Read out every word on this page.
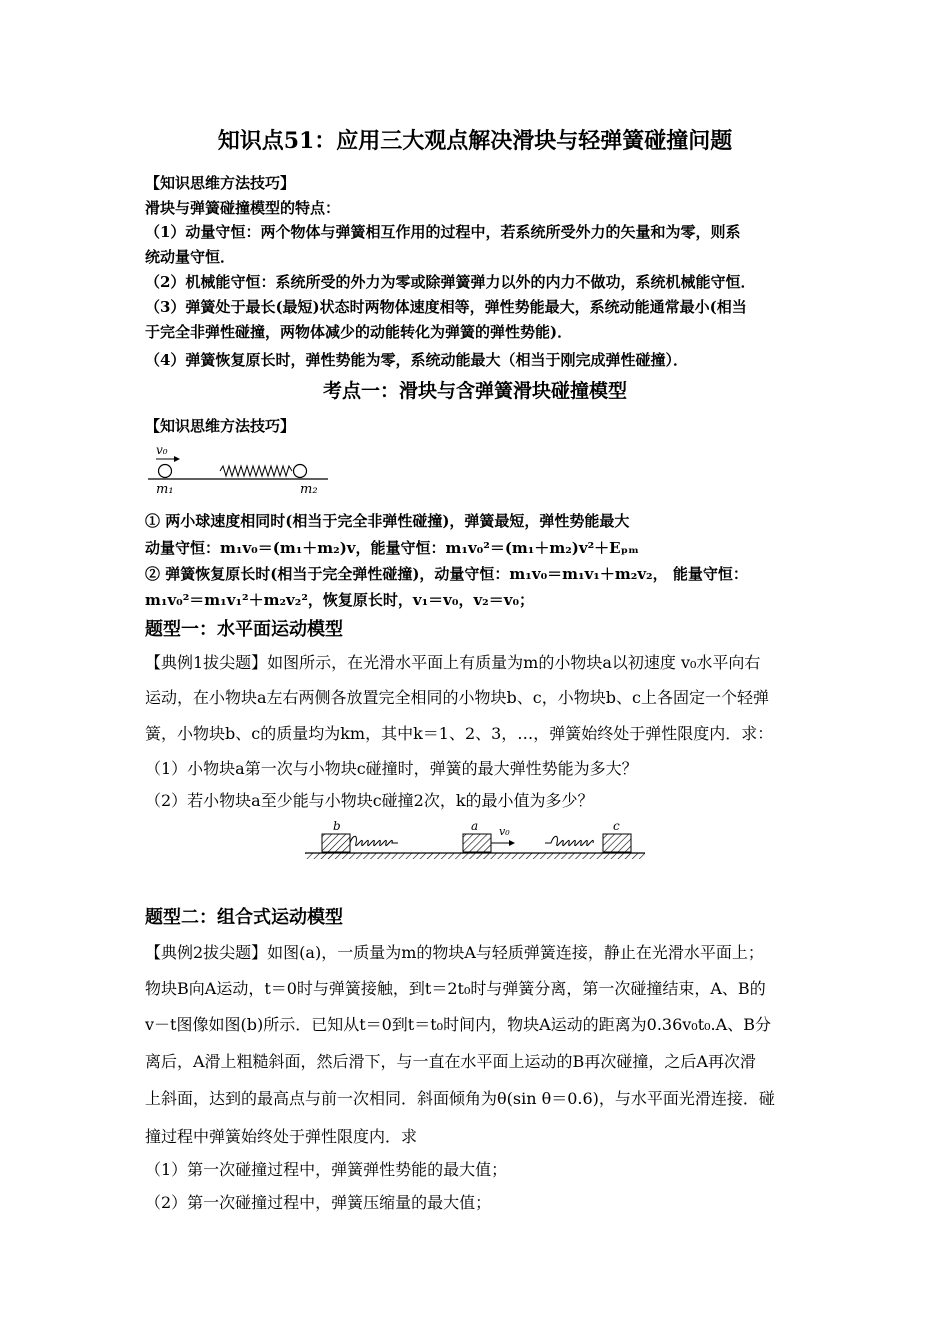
知识点51：应用三大观点解决滑块与轻弹簧碰撞问题
【知识思维方法技巧】
滑块与弹簧碰撞模型的特点：
（1）动量守恒：两个物体与弹簧相互作用的过程中，若系统所受外力的矢量和为零，则系
统动量守恒．
（2）机械能守恒：系统所受的外力为零或除弹簧弹力以外的内力不做功，系统机械能守恒．
（3）弹簧处于最长(最短)状态时两物体速度相等，弹性势能最大，系统动能通常最小(相当
于完全非弹性碰撞，两物体减少的动能转化为弹簧的弹性势能)．
（4）弹簧恢复原长时，弹性势能为零，系统动能最大（相当于刚完成弹性碰撞）．
考点一：滑块与含弹簧滑块碰撞模型
【知识思维方法技巧】
v₀
m₁	m₂
① 两小球速度相同时(相当于完全非弹性碰撞)，弹簧最短，弹性势能最大
动量守恒：m₁v₀＝(m₁＋m₂)v，能量守恒：m₁v₀²＝(m₁＋m₂)v²＋Eₚₘ
② 弹簧恢复原长时(相当于完全弹性碰撞)，动量守恒：m₁v₀＝m₁v₁＋m₂v₂， 能量守恒：
m₁v₀²＝m₁v₁²＋m₂v₂²，恢复原长时，v₁＝v₀，v₂＝v₀；
题型一：水平面运动模型
【典例1拔尖题】如图所示，在光滑水平面上有质量为m的小物块a以初速度 v₀水平向右
运动，在小物块a左右两侧各放置完全相同的小物块b、c，小物块b、c上各固定一个轻弹
簧，小物块b、c的质量均为km，其中k＝1、2、3，…，弹簧始终处于弹性限度内．求：
（1）小物块a第一次与小物块c碰撞时，弹簧的最大弹性势能为多大？
（2）若小物块a至少能与小物块c碰撞2次，k的最小值为多少？
b	a v₀	c
题型二：组合式运动模型
【典例2拔尖题】如图(a)，一质量为m的物块A与轻质弹簧连接，静止在光滑水平面上；
物块B向A运动，t＝0时与弹簧接触，到t＝2t₀时与弹簧分离，第一次碰撞结束，A、B的
v－t图像如图(b)所示．已知从t＝0到t＝t₀时间内，物块A运动的距离为0.36v₀t₀.A、B分
离后，A滑上粗糙斜面，然后滑下，与一直在水平面上运动的B再次碰撞，之后A再次滑
上斜面，达到的最高点与前一次相同．斜面倾角为θ(sin θ＝0.6)，与水平面光滑连接．碰
撞过程中弹簧始终处于弹性限度内．求
（1）第一次碰撞过程中，弹簧弹性势能的最大值；
（2）第一次碰撞过程中，弹簧压缩量的最大值；
